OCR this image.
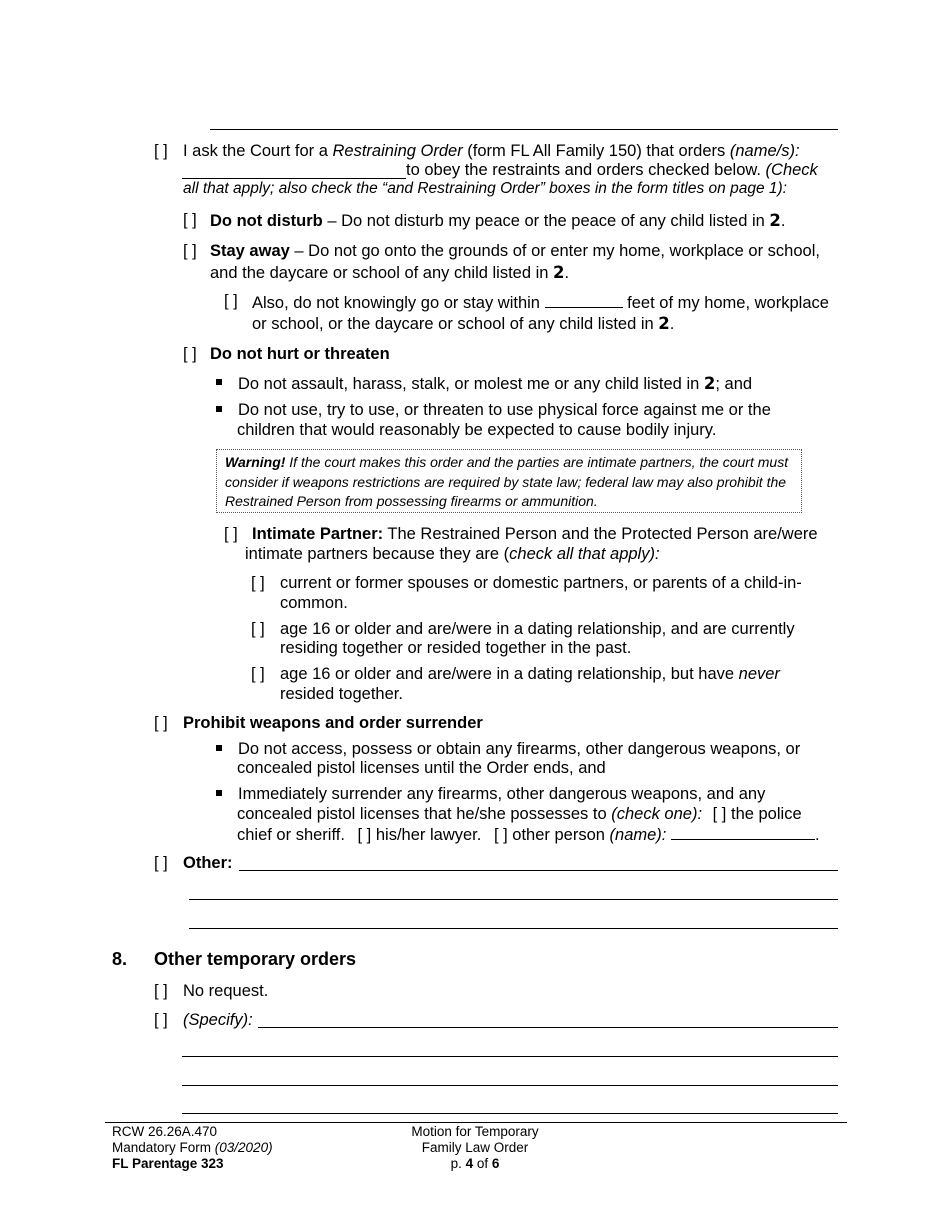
[ ] I ask the Court for a Restraining Order (form FL All Family 150) that orders (name/s):
to obey the restraints and orders checked below. (Check
all that apply; also check the “and Restraining Order” boxes in the form titles on page 1):
[ ] Do not disturb – Do not disturb my peace or the peace of any child listed in 2.
[ ] Stay away – Do not go onto the grounds of or enter my home, workplace or school,
and the daycare or school of any child listed in 2.
[ ] Also, do not knowingly go or stay within	feet of my home, workplace
or school, or the daycare or school of any child listed in 2.
[ ] Do not hurt or threaten
Do not assault, harass, stalk, or molest me or any child listed in 2; and
Do not use, try to use, or threaten to use physical force against me or the
children that would reasonably be expected to cause bodily injury.
Warning! If the court makes this order and the parties are intimate partners, the court must
consider if weapons restrictions are required by state law; federal law may also prohibit the
Restrained Person from possessing firearms or ammunition.
[ ] Intimate Partner: The Restrained Person and the Protected Person are/were
intimate partners because they are (check all that apply):
[ ] current or former spouses or domestic partners, or parents of a child-in-
common.
[ ] age 16 or older and are/were in a dating relationship, and are currently
residing together or resided together in the past.
[ ] age 16 or older and are/were in a dating relationship, but have never
resided together.
[ ] Prohibit weapons and order surrender
Do not access, possess or obtain any firearms, other dangerous weapons, or
concealed pistol licenses until the Order ends, and
Immediately surrender any firearms, other dangerous weapons, and any
concealed pistol licenses that he/she possesses to (check one): [ ] the police
chief or sheriff. [ ] his/her lawyer. [ ] other person (name):	.
[ ] Other:
8. Other temporary orders
[ ] No request.
[ ] (Specify):
RCW 26.26A.470
Mandatory Form (03/2020)
FL Parentage 323
Motion for Temporary
Family Law Order
p. 4 of 6
